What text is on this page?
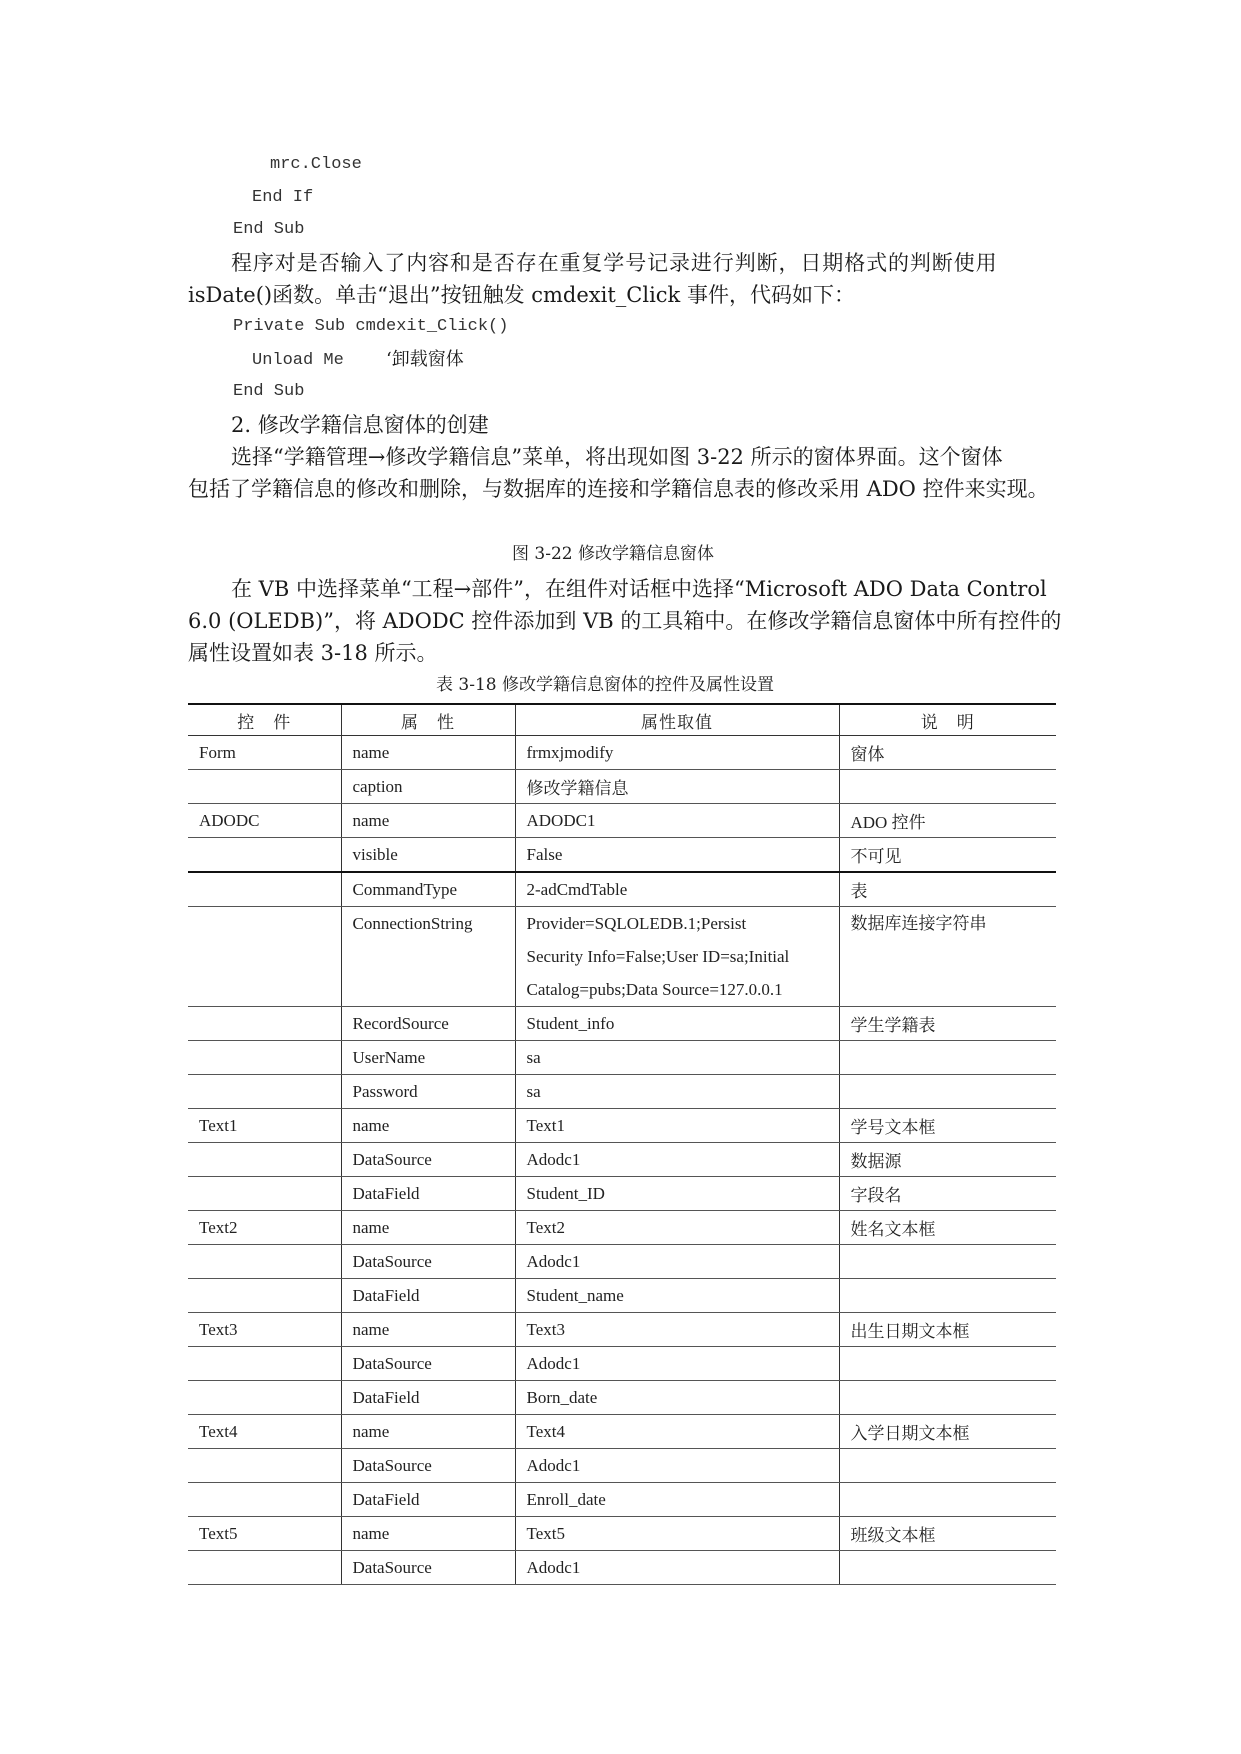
mrc.Close
End If
End Sub
程序对是否输入了内容和是否存在重复学号记录进行判断，日期格式的判断使用
isDate()函数。单击“退出”按钮触发 cmdexit_Click 事件，代码如下：
Private Sub cmdexit_Click()
Unload Me ‘卸载窗体
End Sub
2. 修改学籍信息窗体的创建
选择“学籍管理→修改学籍信息”菜单，将出现如图 3-22 所示的窗体界面。这个窗体
包括了学籍信息的修改和删除，与数据库的连接和学籍信息表的修改采用 ADO 控件来实现。
图 3-22 修改学籍信息窗体
在 VB 中选择菜单“工程→部件”，在组件对话框中选择“Microsoft ADO Data Control
6.0 (OLEDB)”，将 ADODC 控件添加到 VB 的工具箱中。在修改学籍信息窗体中所有控件的
属性设置如表 3-18 所示。
表 3-18 修改学籍信息窗体的控件及属性设置
控　件	属　性	属性取值	说　明
Form	name	frmxjmodify	窗体
	caption	修改学籍信息	
ADODC	name	ADODC1	ADO 控件
	visible	False	不可见
	CommandType	2-adCmdTable	表
	ConnectionString	Provider=SQLOLEDB.1;Persist
Security Info=False;User ID=sa;Initial
Catalog=pubs;Data Source=127.0.0.1	数据库连接字符串
	RecordSource	Student_info	学生学籍表
	UserName	sa	
	Password	sa	
Text1	name	Text1	学号文本框
	DataSource	Adodc1	数据源
	DataField	Student_ID	字段名
Text2	name	Text2	姓名文本框
	DataSource	Adodc1	
	DataField	Student_name	
Text3	name	Text3	出生日期文本框
	DataSource	Adodc1	
	DataField	Born_date	
Text4	name	Text4	入学日期文本框
	DataSource	Adodc1	
	DataField	Enroll_date	
Text5	name	Text5	班级文本框
	DataSource	Adodc1	
